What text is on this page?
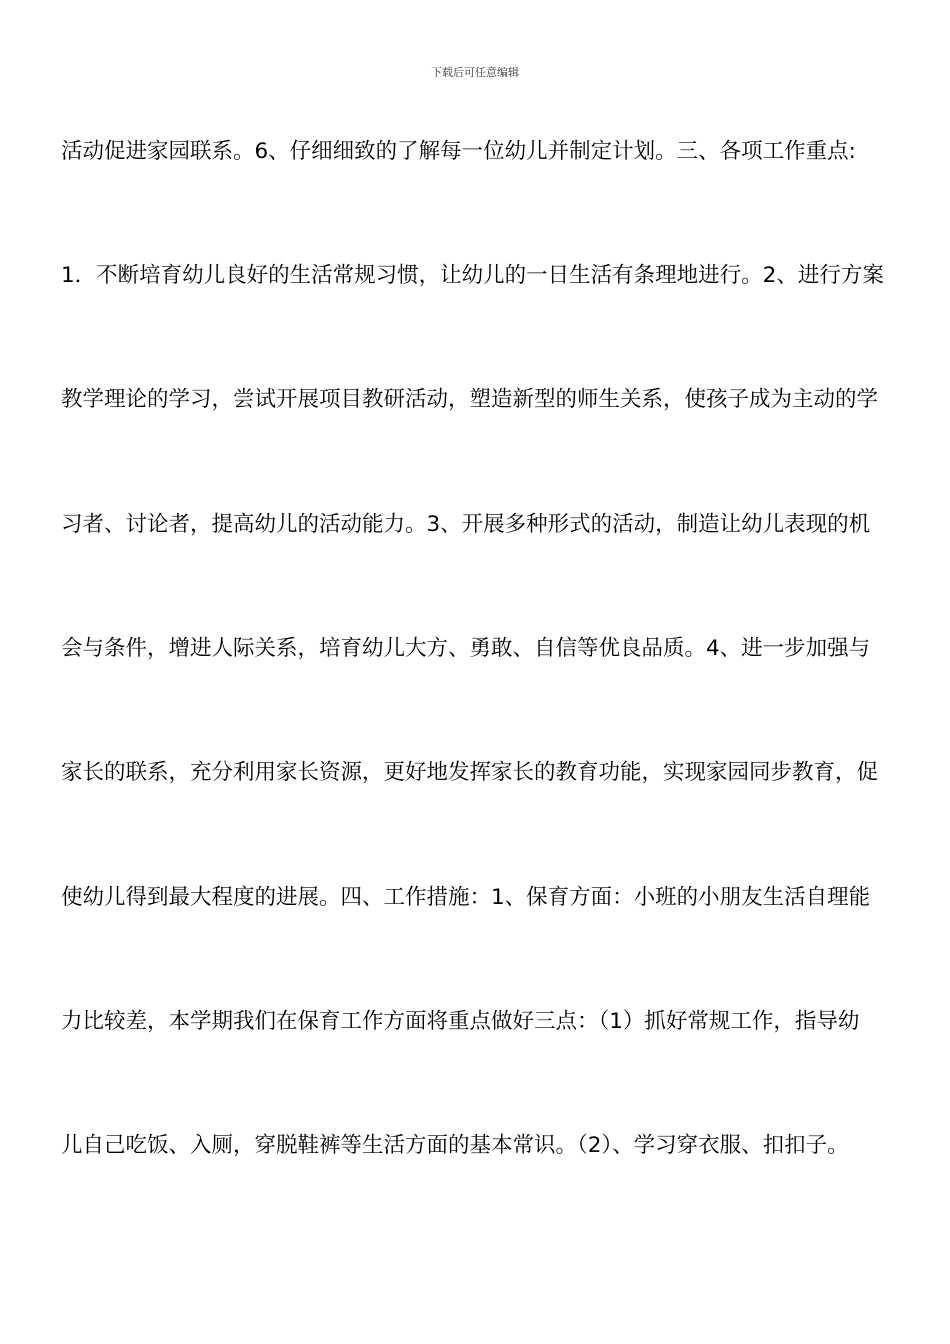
下载后可任意编辑
活动促进家园联系。6、仔细细致的了解每一位幼儿并制定计划。三、各项工作重点:
1．不断培育幼儿良好的生活常规习惯，让幼儿的一日生活有条理地进行。2、进行方案
教学理论的学习，尝试开展项目教研活动，塑造新型的师生关系，使孩子成为主动的学
习者、讨论者，提高幼儿的活动能力。3、开展多种形式的活动，制造让幼儿表现的机
会与条件，增进人际关系，培育幼儿大方、勇敢、自信等优良品质。4、进一步加强与
家长的联系，充分利用家长资源，更好地发挥家长的教育功能，实现家园同步教育，促
使幼儿得到最大程度的进展。四、工作措施：1、保育方面：小班的小朋友生活自理能
力比较差，本学期我们在保育工作方面将重点做好三点：（1）抓好常规工作，指导幼
儿自己吃饭、入厕，穿脱鞋裤等生活方面的基本常识。（2）、学习穿衣服、扣扣子。
